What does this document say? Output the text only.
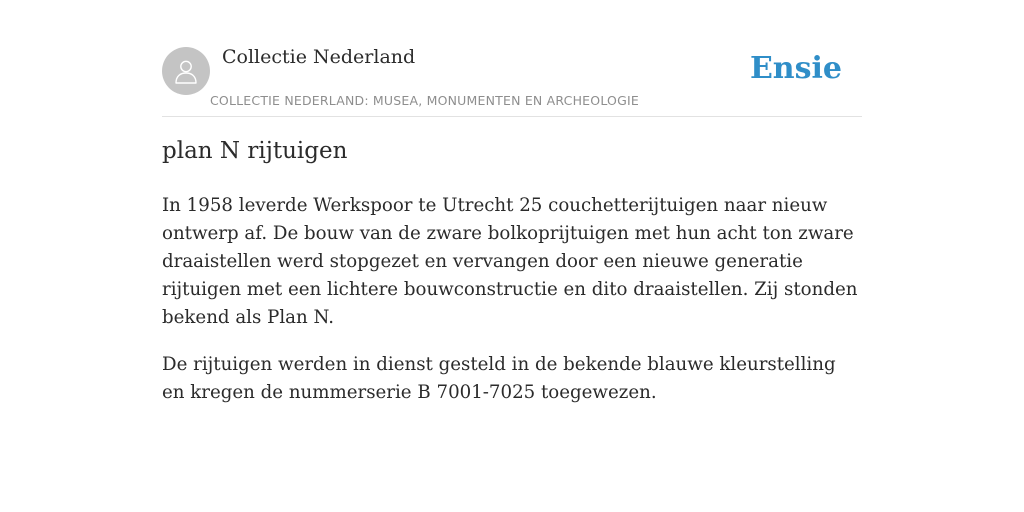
Collectie Nederland
COLLECTIE NEDERLAND: MUSEA, MONUMENTEN EN ARCHEOLOGIE
Ensie
plan N rijtuigen

In 1958 leverde Werkspoor te Utrecht 25 couchetterijtuigen naar nieuw ontwerp af. De bouw van de zware bolkoprijtuigen met hun acht ton zware draaistellen werd stopgezet en vervangen door een nieuwe generatie rijtuigen met een lichtere bouwconstructie en dito draaistellen. Zij stonden bekend als Plan N.

De rijtuigen werden in dienst gesteld in de bekende blauwe kleurstelling en kregen de nummerserie B 7001-7025 toegewezen.
